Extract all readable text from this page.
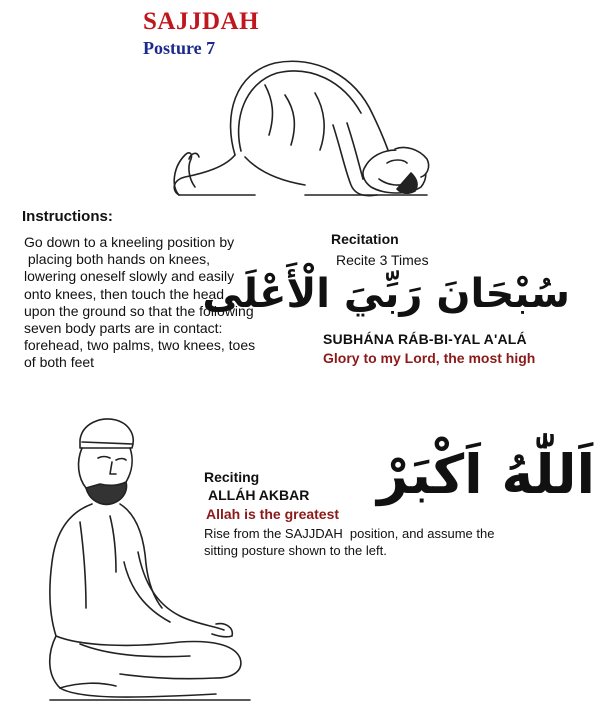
SAJJDAH
Posture 7
Instructions:
Go down to a kneeling position by
placing both hands on knees,
lowering oneself slowly and easily
onto knees, then touch the head
upon the ground so that the following
seven body parts are in contact:
forehead, two palms, two knees, toes
of both feet
Recitation
Recite 3 Times
سُبْحَانَ رَبِّيَ الْأَعْلَى
SUBHÁNA RÁB-BI-YAL A'ALÁ
Glory to my Lord, the most high
Reciting
ALLÁH AKBAR
Allah is the greatest
اَللّٰهُ اَكْبَرْ
Rise from the SAJJDAH  position, and assume the
sitting posture shown to the left.
